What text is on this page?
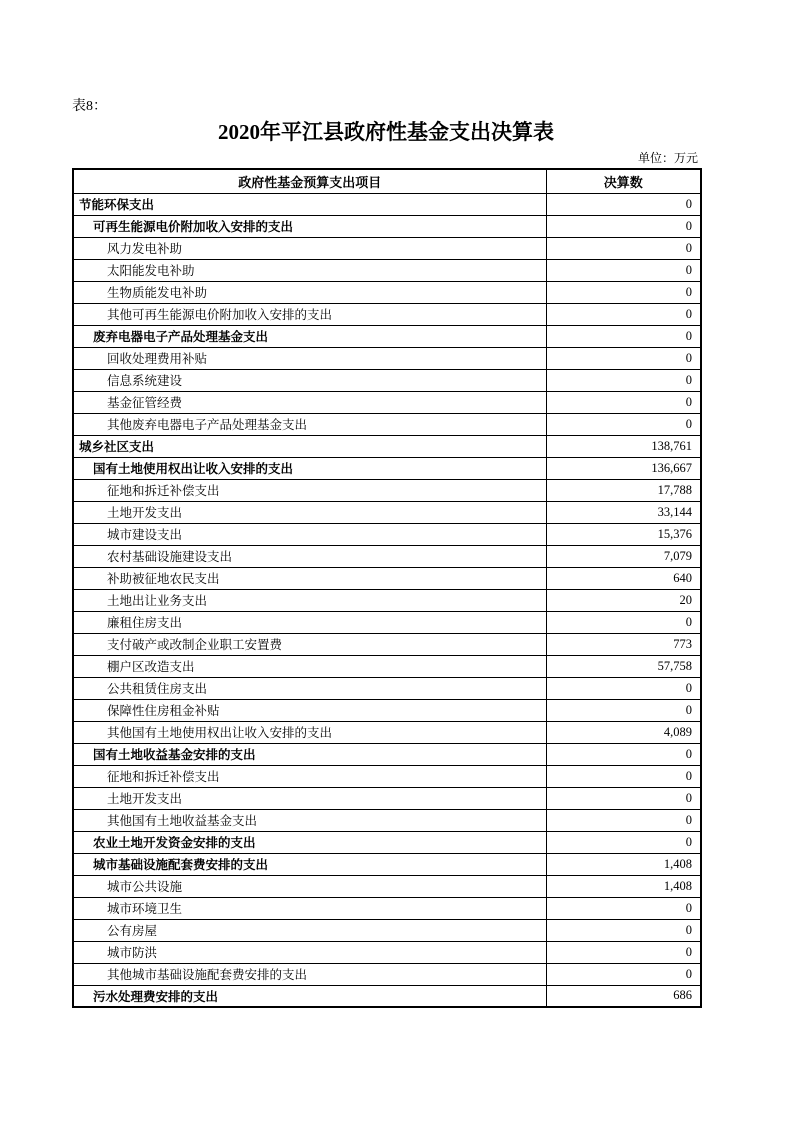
表8：
2020年平江县政府性基金支出决算表
单位：万元
政府性基金预算支出项目	决算数
节能环保支出	0
可再生能源电价附加收入安排的支出	0
风力发电补助	0
太阳能发电补助	0
生物质能发电补助	0
其他可再生能源电价附加收入安排的支出	0
废弃电器电子产品处理基金支出	0
回收处理费用补贴	0
信息系统建设	0
基金征管经费	0
其他废弃电器电子产品处理基金支出	0
城乡社区支出	138,761
国有土地使用权出让收入安排的支出	136,667
征地和拆迁补偿支出	17,788
土地开发支出	33,144
城市建设支出	15,376
农村基础设施建设支出	7,079
补助被征地农民支出	640
土地出让业务支出	20
廉租住房支出	0
支付破产或改制企业职工安置费	773
棚户区改造支出	57,758
公共租赁住房支出	0
保障性住房租金补贴	0
其他国有土地使用权出让收入安排的支出	4,089
国有土地收益基金安排的支出	0
征地和拆迁补偿支出	0
土地开发支出	0
其他国有土地收益基金支出	0
农业土地开发资金安排的支出	0
城市基础设施配套费安排的支出	1,408
城市公共设施	1,408
城市环境卫生	0
公有房屋	0
城市防洪	0
其他城市基础设施配套费安排的支出	0
污水处理费安排的支出	686
